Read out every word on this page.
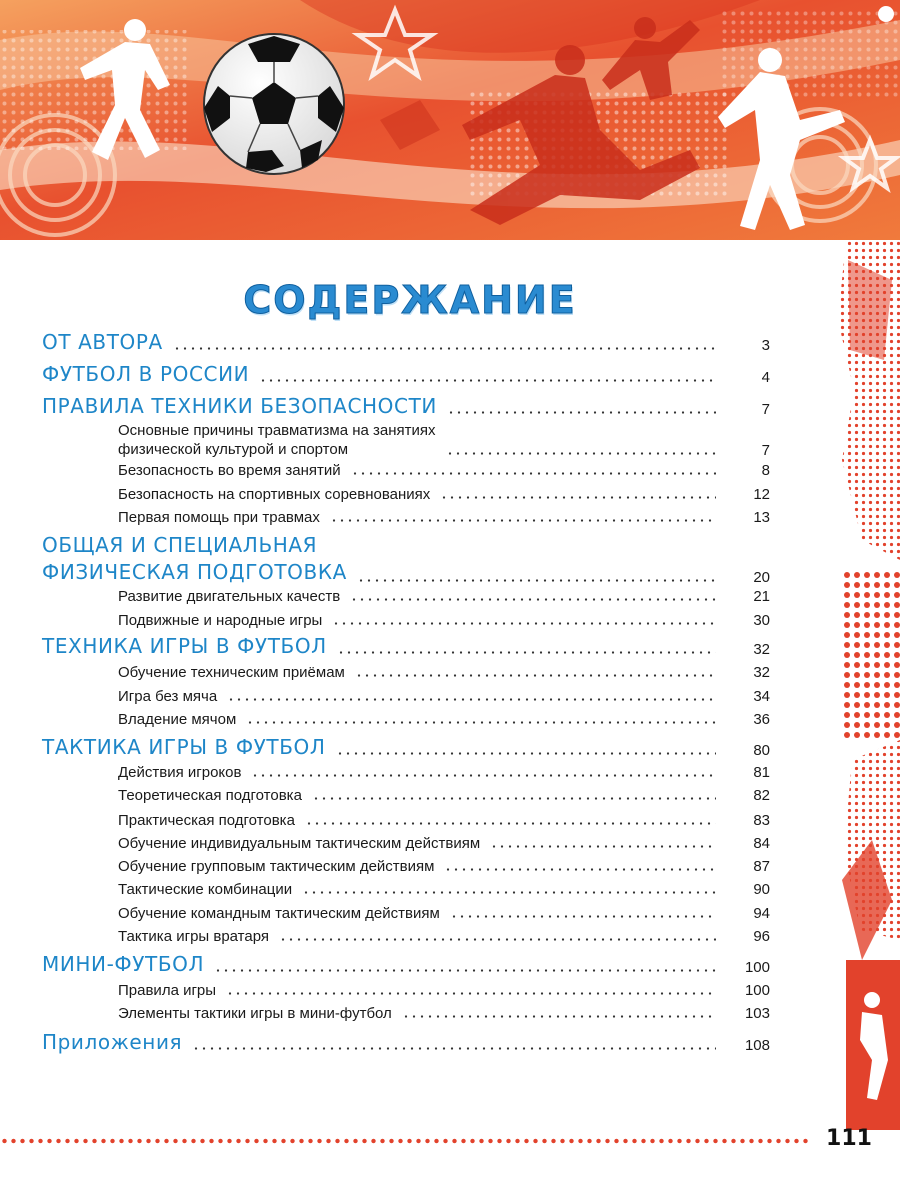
СОДЕРЖАНИЕ
ОТ АВТОРА	3
ФУТБОЛ В РОССИИ	4
ПРАВИЛА ТЕХНИКИ БЕЗОПАСНОСТИ	7
Основные причины травматизма на занятиях
физической культурой и спортом	7
Безопасность во время занятий	8
Безопасность на спортивных соревнованиях	12
Первая помощь при травмах	13
ОБЩАЯ И СПЕЦИАЛЬНАЯ
ФИЗИЧЕСКАЯ ПОДГОТОВКА	20
Развитие двигательных качеств	21
Подвижные и народные игры	30
ТЕХНИКА ИГРЫ В ФУТБОЛ	32
Обучение техническим приёмам	32
Игра без мяча	34
Владение мячом	36
ТАКТИКА ИГРЫ В ФУТБОЛ	80
Действия игроков	81
Теоретическая подготовка	82
Практическая подготовка	83
Обучение индивидуальным тактическим действиям	84
Обучение групповым тактическим действиям	87
Тактические комбинации	90
Обучение командным тактическим действиям	94
Тактика игры вратаря	96
МИНИ-ФУТБОЛ	100
Правила игры	100
Элементы тактики игры в мини-футбол	103
Приложения	108
111
